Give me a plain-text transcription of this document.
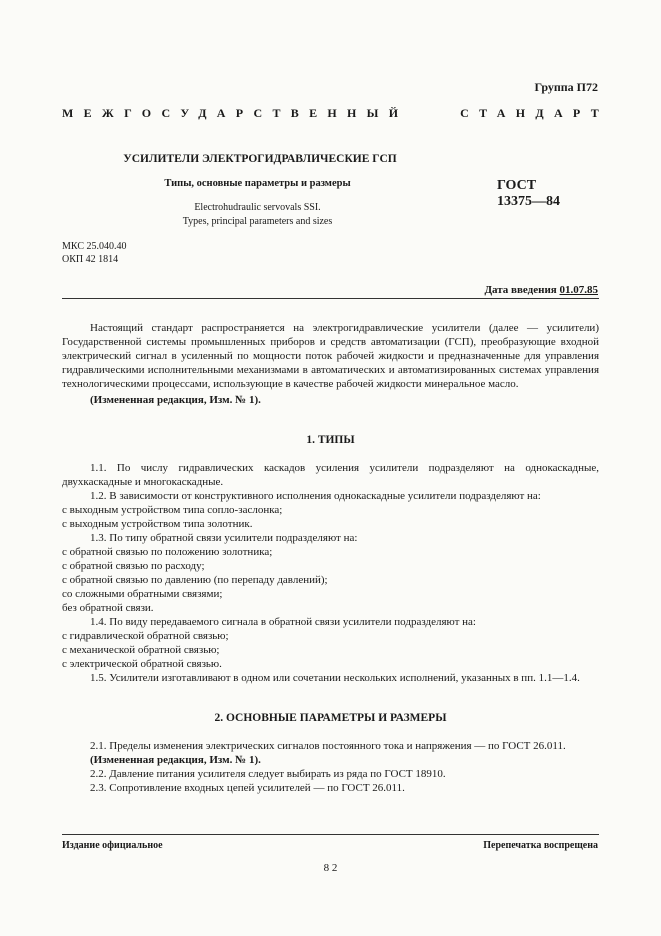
Группа П72
МЕЖГОСУДАРСТВЕННЫЙ	СТАНДАРТ
УСИЛИТЕЛИ ЭЛЕКТРОГИДРАВЛИЧЕСКИЕ ГСП
Типы, основные параметры и размеры
Electrohudraulic servovals SSI.
Types, principal parameters and sizes
ГОСТ
13375—84
МКС 25.040.40
ОКП 42 1814
Дата введения 01.07.85

Настоящий стандарт распространяется на электрогидравлические усилители (далее — усилители) Государственной системы промышленных приборов и средств автоматизации (ГСП), преобразующие входной электрический сигнал в усиленный по мощности поток рабочей жидкости и предназначенные для управления гидравлическими исполнительными механизмами в автоматических и автоматизированных системах управления технологическими процессами, использующие в качестве рабочей жидкости минеральное масло.

(Измененная редакция, Изм. № 1).

1. ТИПЫ

1.1. По числу гидравлических каскадов усиления усилители подразделяют на однокаскадные, двухкаскадные и многокаскадные.

1.2. В зависимости от конструктивного исполнения однокаскадные усилители подразделяют на:

с выходным устройством типа сопло-заслонка;

с выходным устройством типа золотник.

1.3. По типу обратной связи усилители подразделяют на:

с обратной связью по положению золотника;

с обратной связью по расходу;

с обратной связью по давлению (по перепаду давлений);

со сложными обратными связями;

без обратной связи.

1.4. По виду передаваемого сигнала в обратной связи усилители подразделяют на:

с гидравлической обратной связью;

с механической обратной связью;

с электрической обратной связью.

1.5. Усилители изготавливают в одном или сочетании нескольких исполнений, указанных в пп. 1.1—1.4.

2. ОСНОВНЫЕ ПАРАМЕТРЫ И РАЗМЕРЫ

2.1. Пределы изменения электрических сигналов постоянного тока и напряжения — по ГОСТ 26.011.

(Измененная редакция, Изм. № 1).

2.2. Давление питания усилителя следует выбирать из ряда по ГОСТ 18910.

2.3. Сопротивление входных цепей усилителей — по ГОСТ 26.011.

Издание официальное	Перепечатка воспрещена
8 2
